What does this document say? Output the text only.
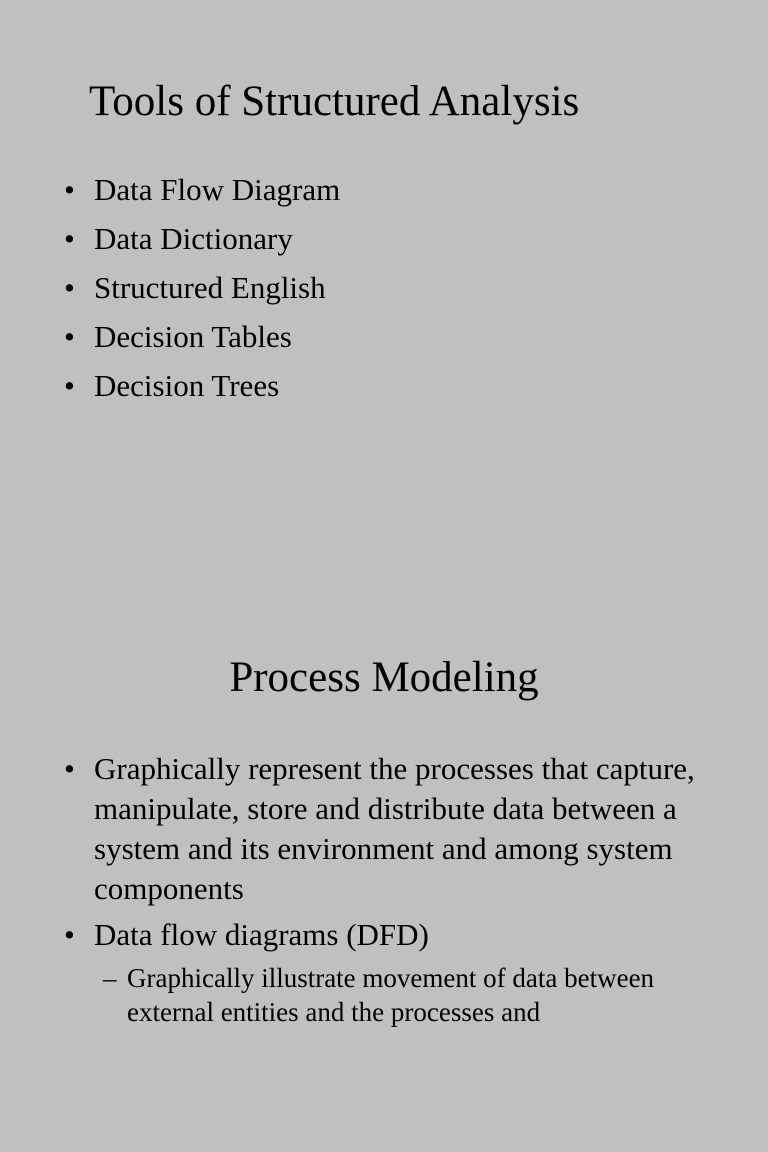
Tools of Structured Analysis
• Data Flow Diagram
• Data Dictionary
• Structured English
• Decision Tables
• Decision Trees
Process Modeling
• Graphically represent the processes that capture, manipulate, store and distribute data between a system and its environment and among system components
• Data flow diagrams (DFD)
– Graphically illustrate movement of data between external entities and the processes and
